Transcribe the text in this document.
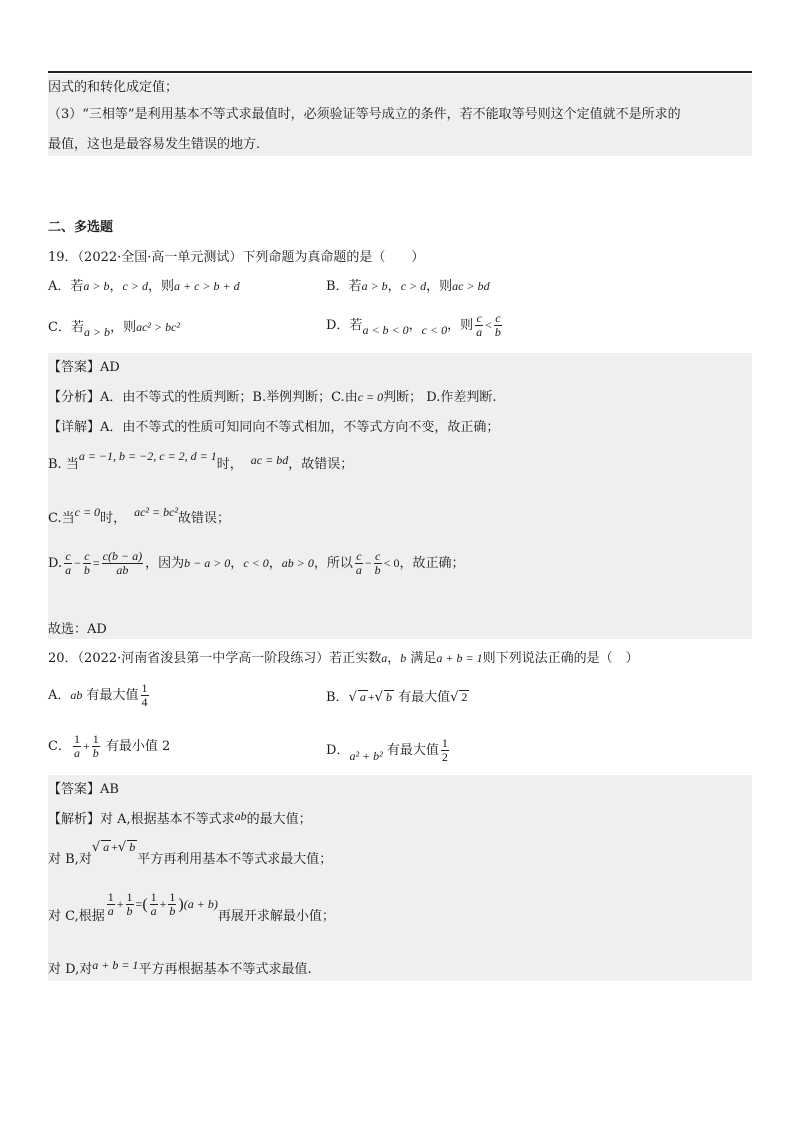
因式的和转化成定值；
（3）“三相等”是利用基本不等式求最值时，必须验证等号成立的条件，若不能取等号则这个定值就不是所求的
最值，这也是最容易发生错误的地方.
二、多选题
19．（2022·全国·高一单元测试）下列命题为真命题的是（　　）
A．若a > b，c > d，则a + c > b + d	B．若a > b，c > d，则ac > bd
C．若a > b，则ac² > bc²	D．若a < b < 0，c < 0，则 $\frac{c}{a} < \frac{c}{b}$
【答案】AD
【分析】A．由不等式的性质判断；B.举例判断；C.由c = 0判断； D.作差判断.
【详解】A．由不等式的性质可知同向不等式相加，不等式方向不变，故正确；
B. 当a = −1, b = −2, c = 2, d = 1时， ac = bd，故错误；
C.当c = 0时， ac² = bc²故错误；
D. $\frac{c}{a} - \frac{c}{b} = \frac{c(b - a)}{ab}$ ，因为b − a > 0，c < 0，ab > 0，所以 $\frac{c}{a} - \frac{c}{b} < 0$，故正确；
故选：AD
20．（2022·河南省浚县第一中学高一阶段练习）若正实数a，b 满足a + b = 1则下列说法正确的是（　）
A．ab 有最大值 $\frac{1}{4}$	B．√ a +√ b 有最大值√ 2
C． $\frac{1}{a} + \frac{1}{b}$ 有最小值 2	D．a² + b² 有最大值 $\frac{1}{2}$
【答案】AB
【解析】对 A,根据基本不等式求ab的最大值；
对 B,对√ a +√ b平方再利用基本不等式求最大值；
对 C,根据 $\frac{1}{a} + \frac{1}{b}$ =( $\frac{1}{a} + \frac{1}{b} )(a + b)$再展开求解最小值；
对 D,对a + b = 1平方再根据基本不等式求最值.
